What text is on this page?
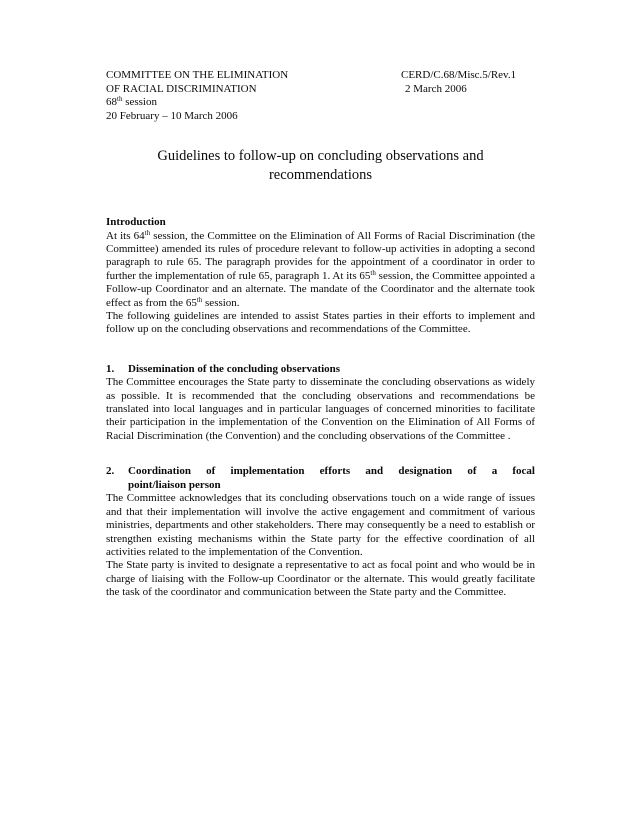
COMMITTEE ON THE ELIMINATION
OF RACIAL DISCRIMINATION
68th session
20 February – 10 March 2006
CERD/C.68/Misc.5/Rev.1
2 March 2006
Guidelines to follow-up on concluding observations and recommendations
Introduction

At its 64th session, the Committee on the Elimination of All Forms of Racial Discrimination (the Committee) amended its rules of procedure relevant to follow-up activities in adopting a second paragraph to rule 65. The paragraph provides for the appointment of a coordinator in order to further the implementation of rule 65, paragraph 1. At its 65th session, the Committee appointed a Follow-up Coordinator and an alternate. The mandate of the Coordinator and the alternate took effect as from the 65th session.

The following guidelines are intended to assist States parties in their efforts to implement and follow up on the concluding observations and recommendations of the Committee.

1.	Dissemination of the concluding observations

The Committee encourages the State party to disseminate the concluding observations as widely as possible. It is recommended that the concluding observations and recommendations be translated into local languages and in particular languages of concerned minorities to facilitate their participation in the implementation of the Convention on the Elimination of All Forms of Racial Discrimination (the Convention) and the concluding observations of the Committee .

2.	Coordination of implementation efforts and designation of a focal
point/liaison person

The Committee acknowledges that its concluding observations touch on a wide range of issues and that their implementation will involve the active engagement and commitment of various ministries, departments and other stakeholders. There may consequently be a need to establish or strengthen existing mechanisms within the State party for the effective coordination of all activities related to the implementation of the Convention.

The State party is invited to designate a representative to act as focal point and who would be in charge of liaising with the Follow-up Coordinator or the alternate. This would greatly facilitate the task of the coordinator and communication between the State party and the Committee.
